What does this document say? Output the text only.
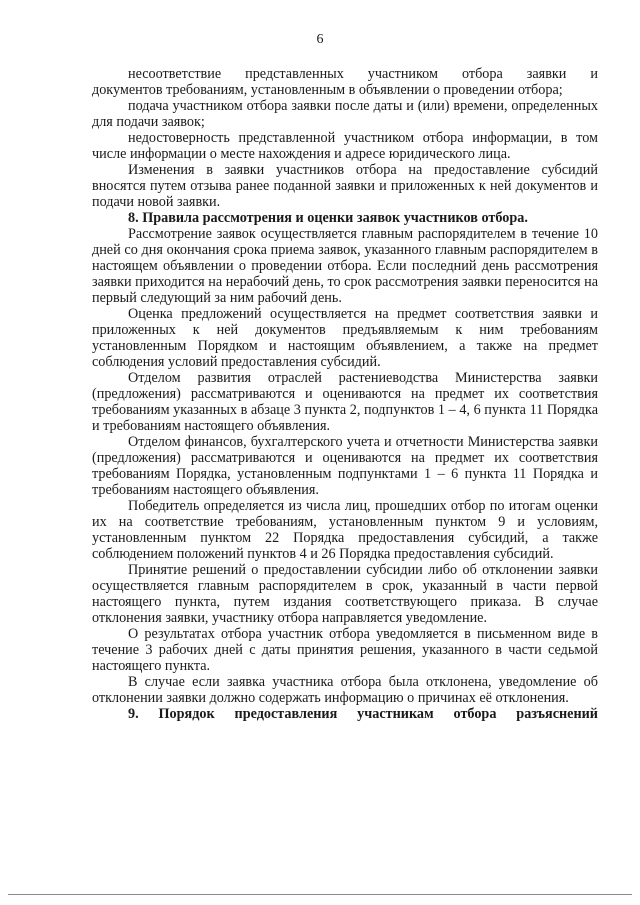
6

несоответствие представленных участником отбора заявки и

документов требованиям, установленным в объявлении о проведении отбора;

подача участником отбора заявки после даты и (или) времени, определенных для подачи заявок;

недостоверность представленной участником отбора информации, в том числе информации о месте нахождения и адресе юридического лица.

Изменения в заявки участников отбора на предоставление субсидий вносятся путем отзыва ранее поданной заявки и приложенных к ней документов и подачи новой заявки.

8. Правила рассмотрения и оценки заявок участников отбора.

Рассмотрение заявок осуществляется главным распорядителем в течение 10 дней со дня окончания срока приема заявок, указанного главным распорядителем в настоящем объявлении о проведении отбора. Если последний день рассмотрения заявки приходится на нерабочий день, то срок рассмотрения заявки переносится на первый следующий за ним рабочий день.

Оценка предложений осуществляется на предмет соответствия заявки и приложенных к ней документов предъявляемым к ним требованиям установленным Порядком и настоящим объявлением, а также на предмет соблюдения условий предоставления субсидий.

Отделом развития отраслей растениеводства Министерства заявки (предложения) рассматриваются и оцениваются на предмет их соответствия требованиям указанных в абзаце 3 пункта 2, подпунктов 1 – 4, 6 пункта 11 Порядка и требованиям настоящего объявления.

Отделом финансов, бухгалтерского учета и отчетности Министерства заявки (предложения) рассматриваются и оцениваются на предмет их соответствия требованиям Порядка, установленным подпунктами 1 – 6 пункта 11 Порядка и требованиям настоящего объявления.

Победитель определяется из числа лиц, прошедших отбор по итогам оценки их на соответствие требованиям, установленным пунктом 9 и условиям, установленным пунктом 22 Порядка предоставления субсидий, а также соблюдением положений пунктов 4 и 26 Порядка предоставления субсидий.

Принятие решений о предоставлении субсидии либо об отклонении заявки осуществляется главным распорядителем в срок, указанный в части первой настоящего пункта, путем издания соответствующего приказа. В случае отклонения заявки, участнику отбора направляется уведомление.

О результатах отбора участник отбора уведомляется в письменном виде в течение 3 рабочих дней с даты принятия решения, указанного в части седьмой настоящего пункта.

В случае если заявка участника отбора была отклонена, уведомление об отклонении заявки должно содержать информацию о причинах её отклонения.

9. Порядок предоставления участникам отбора разъяснений
